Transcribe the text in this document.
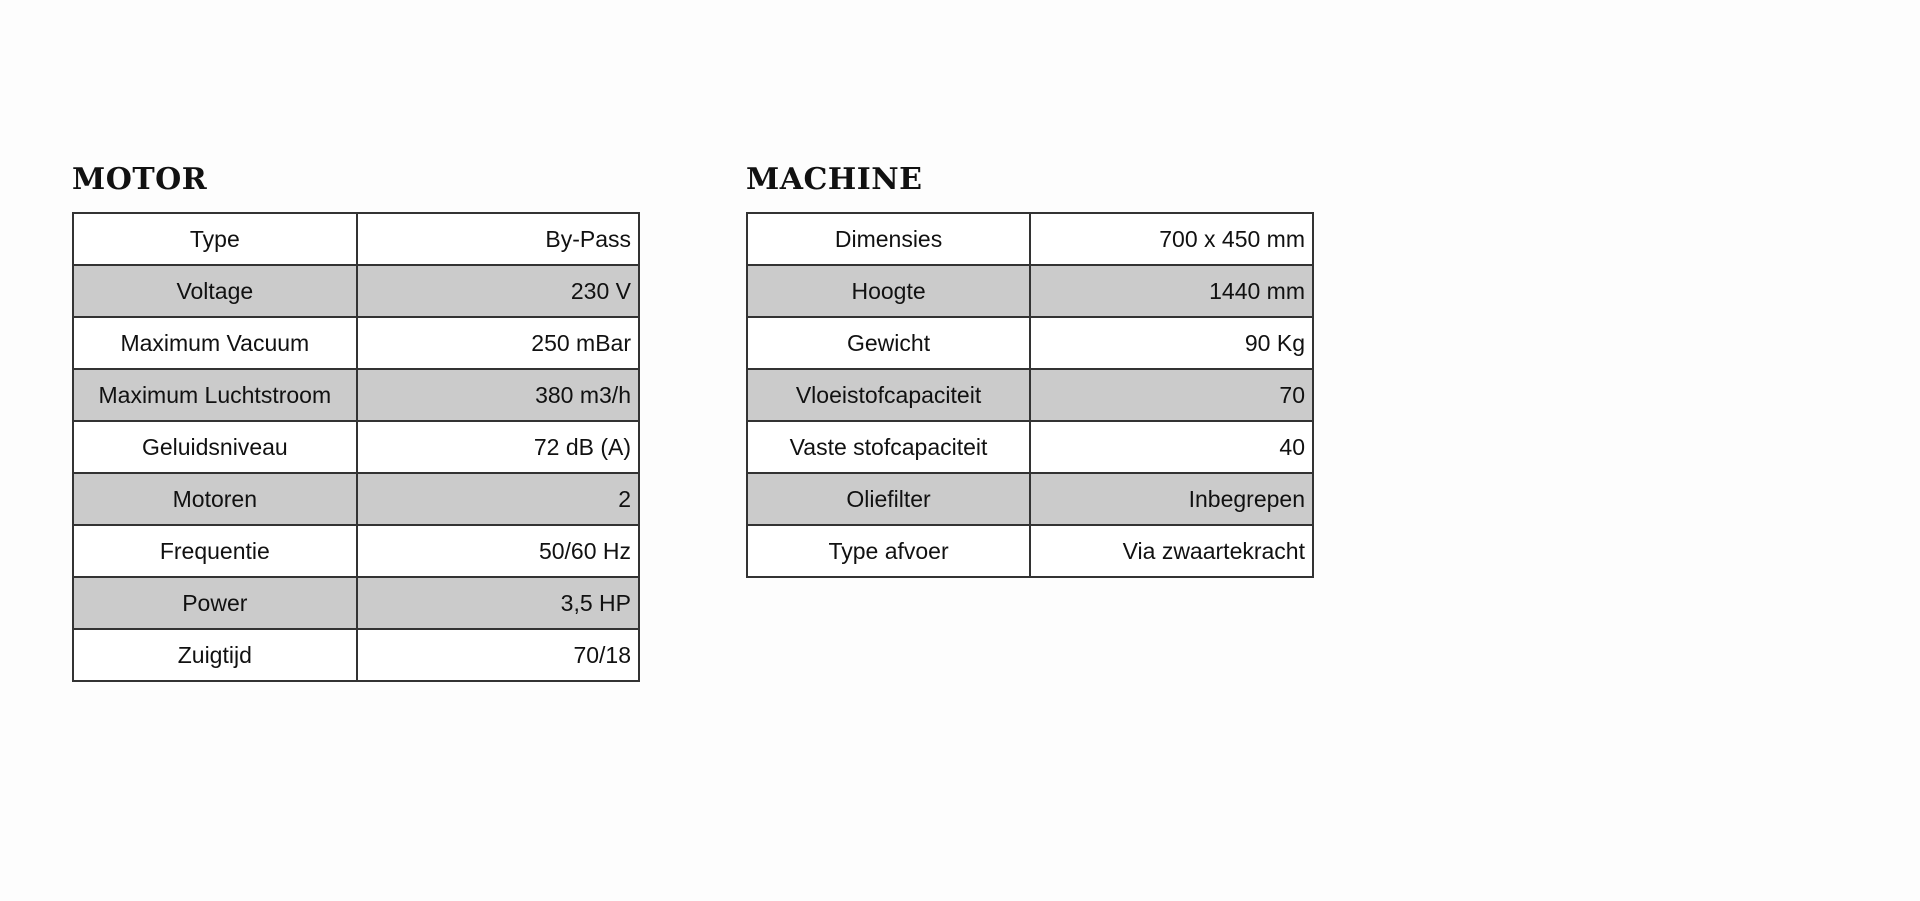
MOTOR
Type	By-Pass
Voltage	230 V
Maximum Vacuum	250 mBar
Maximum Luchtstroom	380 m3/h
Geluidsniveau	72 dB (A)
Motoren	2
Frequentie	50/60 Hz
Power	3,5 HP
Zuigtijd	70/18
MACHINE
Dimensies	700 x 450 mm
Hoogte	1440 mm
Gewicht	90 Kg
Vloeistofcapaciteit	70
Vaste stofcapaciteit	40
Oliefilter	Inbegrepen
Type afvoer	Via zwaartekracht
